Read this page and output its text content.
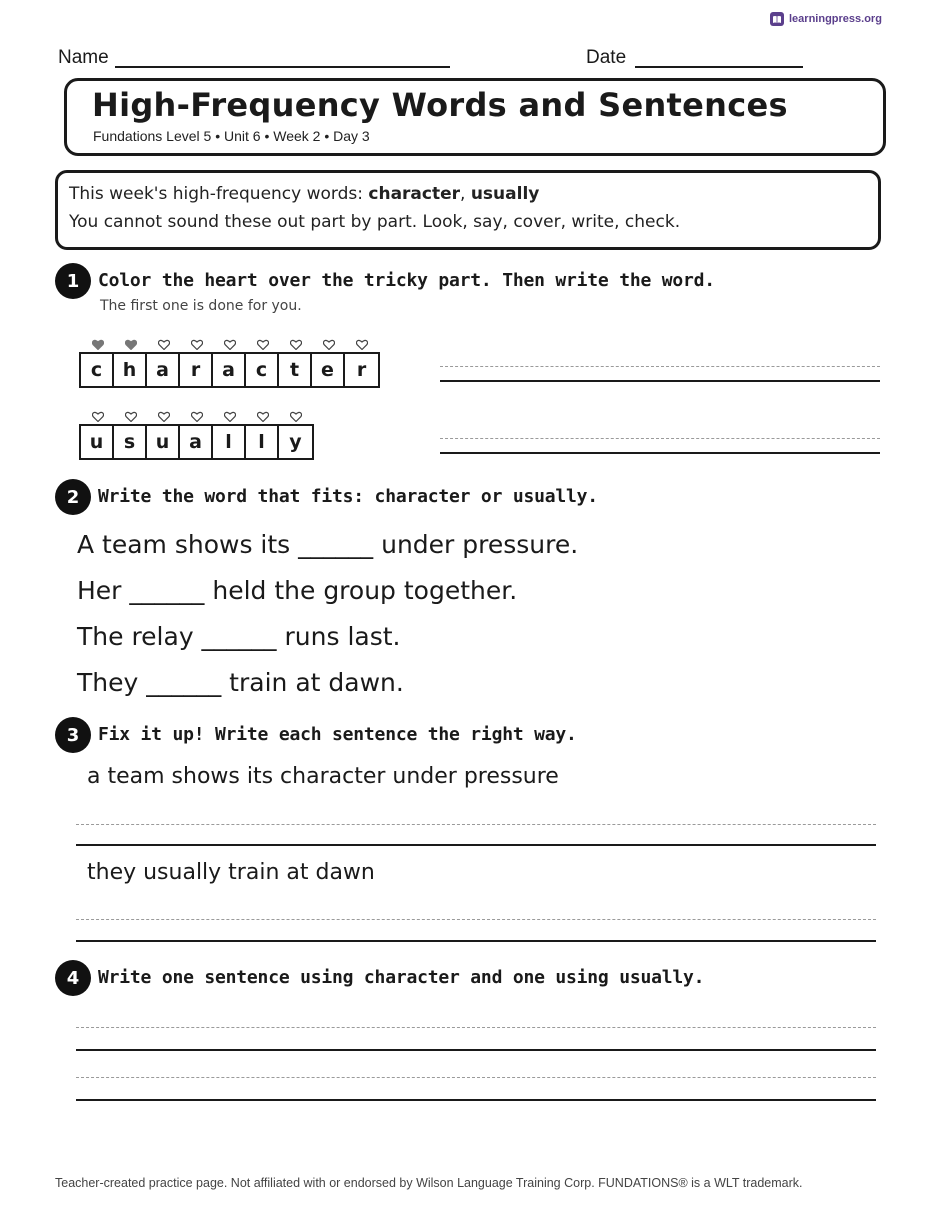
learningpress.org
Name	Date
High-Frequency Words and Sentences
Fundations Level 5 • Unit 6 • Week 2 • Day 3
This week's high-frequency words: character, usually
You cannot sound these out part by part. Look, say, cover, write, check.
1	Color the heart over the tricky part. Then write the word.
The first one is done for you.
c	h	a	r	a	c	t	e	r
u	s	u	a	l	l	y
2	Write the word that fits: character or usually.
A team shows its ______ under pressure.
Her ______ held the group together.
The relay ______ runs last.
They ______ train at dawn.
3	Fix it up! Write each sentence the right way.
a team shows its character under pressure
they usually train at dawn
4	Write one sentence using character and one using usually.
Teacher-created practice page. Not affiliated with or endorsed by Wilson Language Training Corp. FUNDATIONS® is a WLT trademark.
